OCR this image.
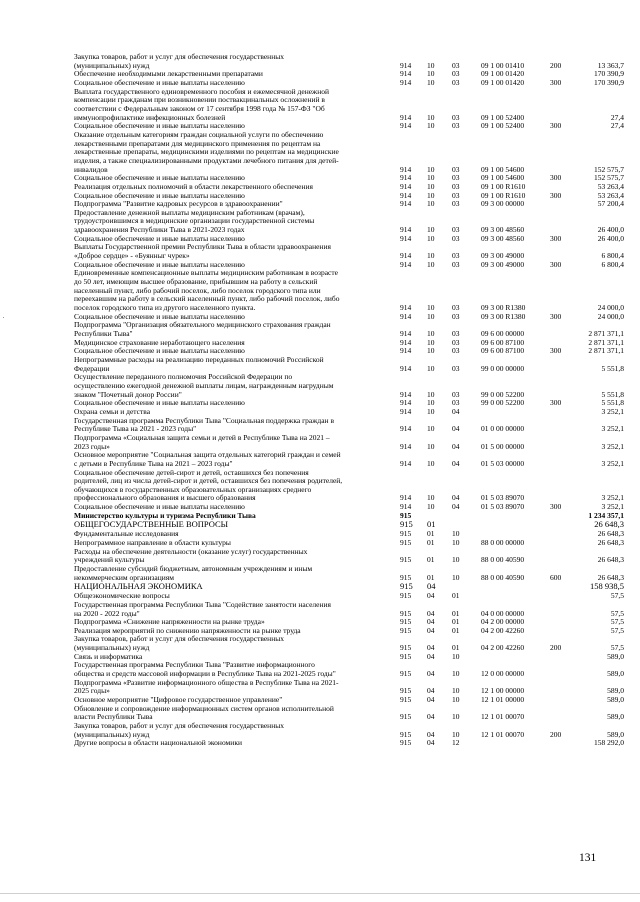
Закупка товаров, работ и услуг для обеспечения государственных
(муниципальных) нужд	914 10 03	09 1 00 01410	200	13 363,7
Обеспечение необходимыми лекарственными препаратами	914 10 03	09 1 00 01420	170 390,9
Социальное обеспечение и иные выплаты населению	914 10 03	09 1 00 01420	300	170 390,9
Выплата государственного единовременного пособия и ежемесячной денежной
компенсации гражданам при возникновении поствакцинальных осложнений в
соответствии с Федеральным законом от 17 сентября 1998 года № 157-ФЗ "Об
иммунопрофилактике инфекционных болезней	914 10 03	09 1 00 52400	27,4
Социальное обеспечение и иные выплаты населению	914 10 03	09 1 00 52400	300	27,4
Оказание отдельным категориям граждан социальной услуги по обеспечению
лекарственными препаратами для медицинского применения по рецептам на
лекарственные препараты, медицинскими изделиями по рецептам на медицинские
изделия, а также специализированными продуктами лечебного питания для детей-
инвалидов	914 10 03	09 1 00 54600	152 575,7
Социальное обеспечение и иные выплаты населению	914 10 03	09 1 00 54600	300	152 575,7
Реализация отдельных полномочий в области лекарственного обеспечения	914 10 03	09 1 00 R1610	53 263,4
Социальное обеспечение и иные выплаты населению	914 10 03	09 1 00 R1610	300	53 263,4
Подпрограмма "Развитие кадровых ресурсов в здравоохранении"	914 10 03	09 3 00 00000	57 200,4
Предоставление денежной выплаты медицинским работникам (врачам),
трудоустроившимся в медицинские организации государственной системы
здравоохранения Республики Тыва в 2021-2023 годах	914 10 03	09 3 00 48560	26 400,0
Социальное обеспечение и иные выплаты населению	914 10 03	09 3 00 48560	300	26 400,0
Выплаты Государственной премии Республики Тыва в области здравоохранения
«Доброе сердце» - «Буянныг чурек»	914 10 03	09 3 00 49000	6 800,4
Социальное обеспечение и иные выплаты населению	914 10 03	09 3 00 49000	300	6 800,4
Единовременные компенсационные выплаты медицинским работникам в возрасте
до 50 лет, имеющим высшее образование, прибывшим на работу в сельский
населенный пункт, либо рабочий поселок, либо поселок городского типа или
переехавшим на работу в сельский населенный пункт, либо рабочий поселок, либо
поселок городского типа из другого населенного пункта.	914 10 03	09 3 00 R1380	24 000,0
Социальное обеспечение и иные выплаты населению	914 10 03	09 3 00 R1380	300	24 000,0
Подпрограмма "Организация обязательного медицинского страхования граждан
Республики Тыва"	914 10 03	09 6 00 00000	2 871 371,1
Медицинское страхование неработающего населения	914 10 03	09 6 00 87100	2 871 371,1
Социальное обеспечение и иные выплаты населению	914 10 03	09 6 00 87100	300	2 871 371,1
Непрограммные расходы на реализацию переданных полномочий Российской
Федерации	914 10 03	99 0 00 00000	5 551,8
Осуществление переданного полномочия Российской Федерации по
осуществлению ежегодной денежной выплаты лицам, награжденным нагрудным
знаком "Почетный донор России"	914 10 03	99 0 00 52200	5 551,8
Социальное обеспечение и иные выплаты населению	914 10 03	99 0 00 52200	300	5 551,8
Охрана семьи и детства	914 10 04	3 252,1
Государственная программа Республики Тыва "Социальная поддержка граждан в
Республике Тыва на 2021 - 2023 годы"	914 10 04	01 0 00 00000	3 252,1
Подпрограмма «Социальная защита семьи и детей в Республике Тыва на 2021 –
2023 годы»	914 10 04	01 5 00 00000	3 252,1
Основное мероприятие "Социальная защита отдельных категорий граждан и семей
с детьми в Республике Тыва на 2021 – 2023 годы"	914 10 04	01 5 03 00000	3 252,1
Социальное обеспечение детей-сирот и детей, оставшихся без попечения
родителей, лиц из числа детей-сирот и детей, оставшихся без попечения родителей,
обучающихся в государственных образовательных организациях среднего
профессионального образования и высшего образования	914 10 04	01 5 03 89070	3 252,1
Социальное обеспечение и иные выплаты населению	914 10 04	01 5 03 89070	300	3 252,1
Министерство культуры и туризма Республики Тыва	915	1 234 357,1
ОБЩЕГОСУДАРСТВЕННЫЕ ВОПРОСЫ	915 01	26 648,3
Фундаментальные исследования	915 01 10	26 648,3
Непрограммное направление в области культуры	915 01 10	88 0 00 00000	26 648,3
Расходы на обеспечение деятельности (оказание услуг) государственных
учреждений культуры	915 01 10	88 0 00 40590	26 648,3
Предоставление субсидий бюджетным, автономным учреждениям и иным
некоммерческим организациям	915 01 10	88 0 00 40590	600	26 648,3
НАЦИОНАЛЬНАЯ ЭКОНОМИКА	915 04	158 938,5
Общеэкономические вопросы	915 04 01	57,5
Государственная программа Республики Тыва "Содействие занятости населения
на 2020 - 2022 годы"	915 04 01	04 0 00 00000	57,5
Подпрограмма «Снижение напряженности на рынке труда»	915 04 01	04 2 00 00000	57,5
Реализация мероприятий по снижению напряженности на рынке труда	915 04 01	04 2 00 42260	57,5
Закупка товаров, работ и услуг для обеспечения государственных
(муниципальных) нужд	915 04 01	04 2 00 42260	200	57,5
Связь и информатика	915 04 10	589,0
Государственная программа Республики Тыва "Развитие информационного
общества и средств массовой информации в Республике Тыва на 2021-2025 годы"	915 04 10	12 0 00 00000	589,0
Подпрограмма «Развитие информационного общества в Республике Тыва на 2021-
2025 годы»	915 04 10	12 1 00 00000	589,0
Основное мероприятие "Цифровое государственное управление"	915 04 10	12 1 01 00000	589,0
Обновление и сопровождение информационных систем органов исполнительной
власти Республики Тыва	915 04 10	12 1 01 00070	589,0
Закупка товаров, работ и услуг для обеспечения государственных
(муниципальных) нужд	915 04 10	12 1 01 00070	200	589,0
Другие вопросы в области национальной экономики	915 04 12	158 292,0
131
